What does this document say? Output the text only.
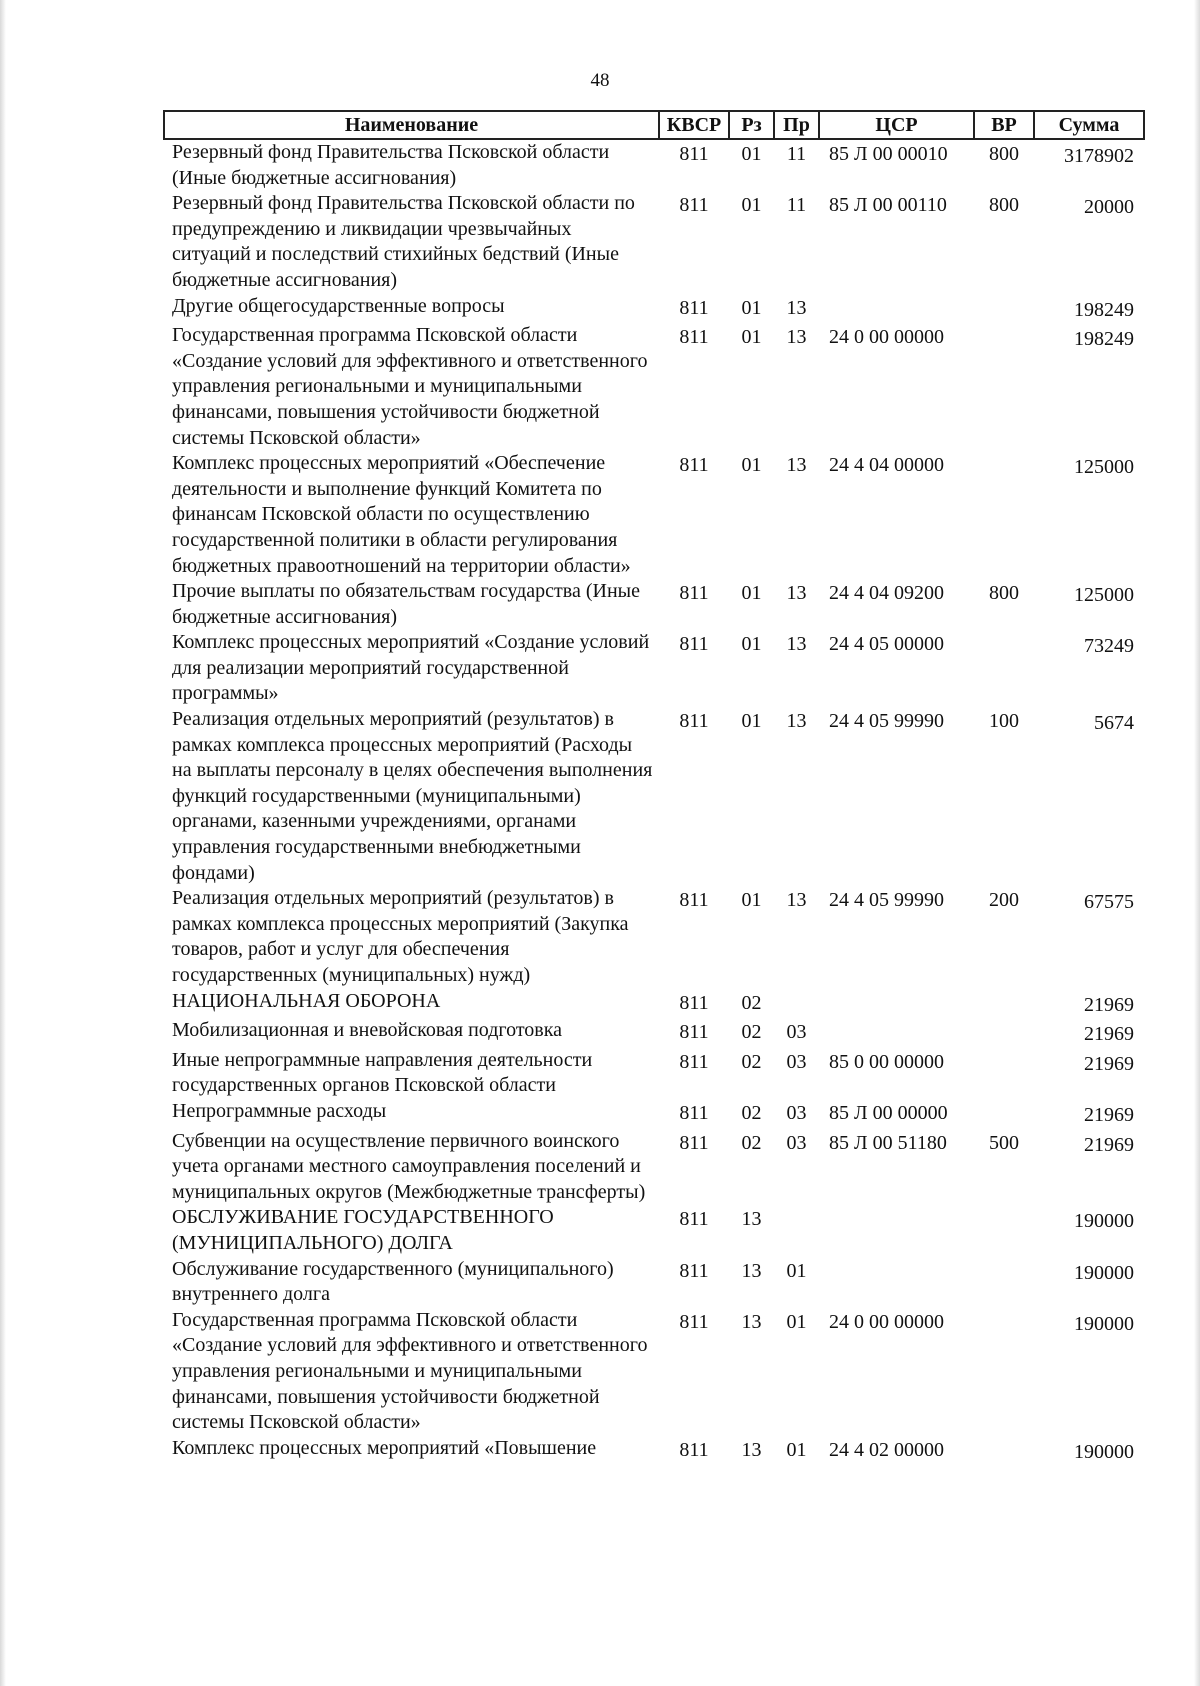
48
Наименование	КВСР	Рз	Пр	ЦСР	ВР	Сумма
Резервный фонд Правительства Псковской области (Иные бюджетные ассигнования)	811	01	11	85 Л 00 00010	800	3178902
Резервный фонд Правительства Псковской области по предупреждению и ликвидации чрезвычайных ситуаций и последствий стихийных бедствий (Иные бюджетные ассигнования)	811	01	11	85 Л 00 00110	800	20000
Другие общегосударственные вопросы	811	01	13			198249
Государственная программа Псковской области «Создание условий для эффективного и ответственного управления региональными и муниципальными финансами, повышения устойчивости бюджетной системы Псковской области»	811	01	13	24 0 00 00000		198249
Комплекс процессных мероприятий «Обеспечение деятельности и выполнение функций Комитета по финансам Псковской области по осуществлению государственной политики в области регулирования бюджетных правоотношений на территории области»	811	01	13	24 4 04 00000		125000
Прочие выплаты по обязательствам государства (Иные бюджетные ассигнования)	811	01	13	24 4 04 09200	800	125000
Комплекс процессных мероприятий «Создание условий для реализации мероприятий государственной программы»	811	01	13	24 4 05 00000		73249
Реализация отдельных мероприятий (результатов) в рамках комплекса процессных мероприятий (Расходы на выплаты персоналу в целях обеспечения выполнения функций государственными (муниципальными) органами, казенными учреждениями, органами управления государственными внебюджетными фондами)	811	01	13	24 4 05 99990	100	5674
Реализация отдельных мероприятий (результатов) в рамках комплекса процессных мероприятий (Закупка товаров, работ и услуг для обеспечения государственных (муниципальных) нужд)	811	01	13	24 4 05 99990	200	67575
НАЦИОНАЛЬНАЯ ОБОРОНА	811	02				21969
Мобилизационная и вневойсковая подготовка	811	02	03			21969
Иные непрограммные направления деятельности государственных органов Псковской области	811	02	03	85 0 00 00000		21969
Непрограммные расходы	811	02	03	85 Л 00 00000		21969
Субвенции на осуществление первичного воинского учета органами местного самоуправления поселений и муниципальных округов (Межбюджетные трансферты)	811	02	03	85 Л 00 51180	500	21969
ОБСЛУЖИВАНИЕ ГОСУДАРСТВЕННОГО (МУНИЦИПАЛЬНОГО) ДОЛГА	811	13				190000
Обслуживание государственного (муниципального) внутреннего долга	811	13	01			190000
Государственная программа Псковской области «Создание условий для эффективного и ответственного управления региональными и муниципальными финансами, повышения устойчивости бюджетной системы Псковской области»	811	13	01	24 0 00 00000		190000
Комплекс процессных мероприятий «Повышение	811	13	01	24 4 02 00000		190000
